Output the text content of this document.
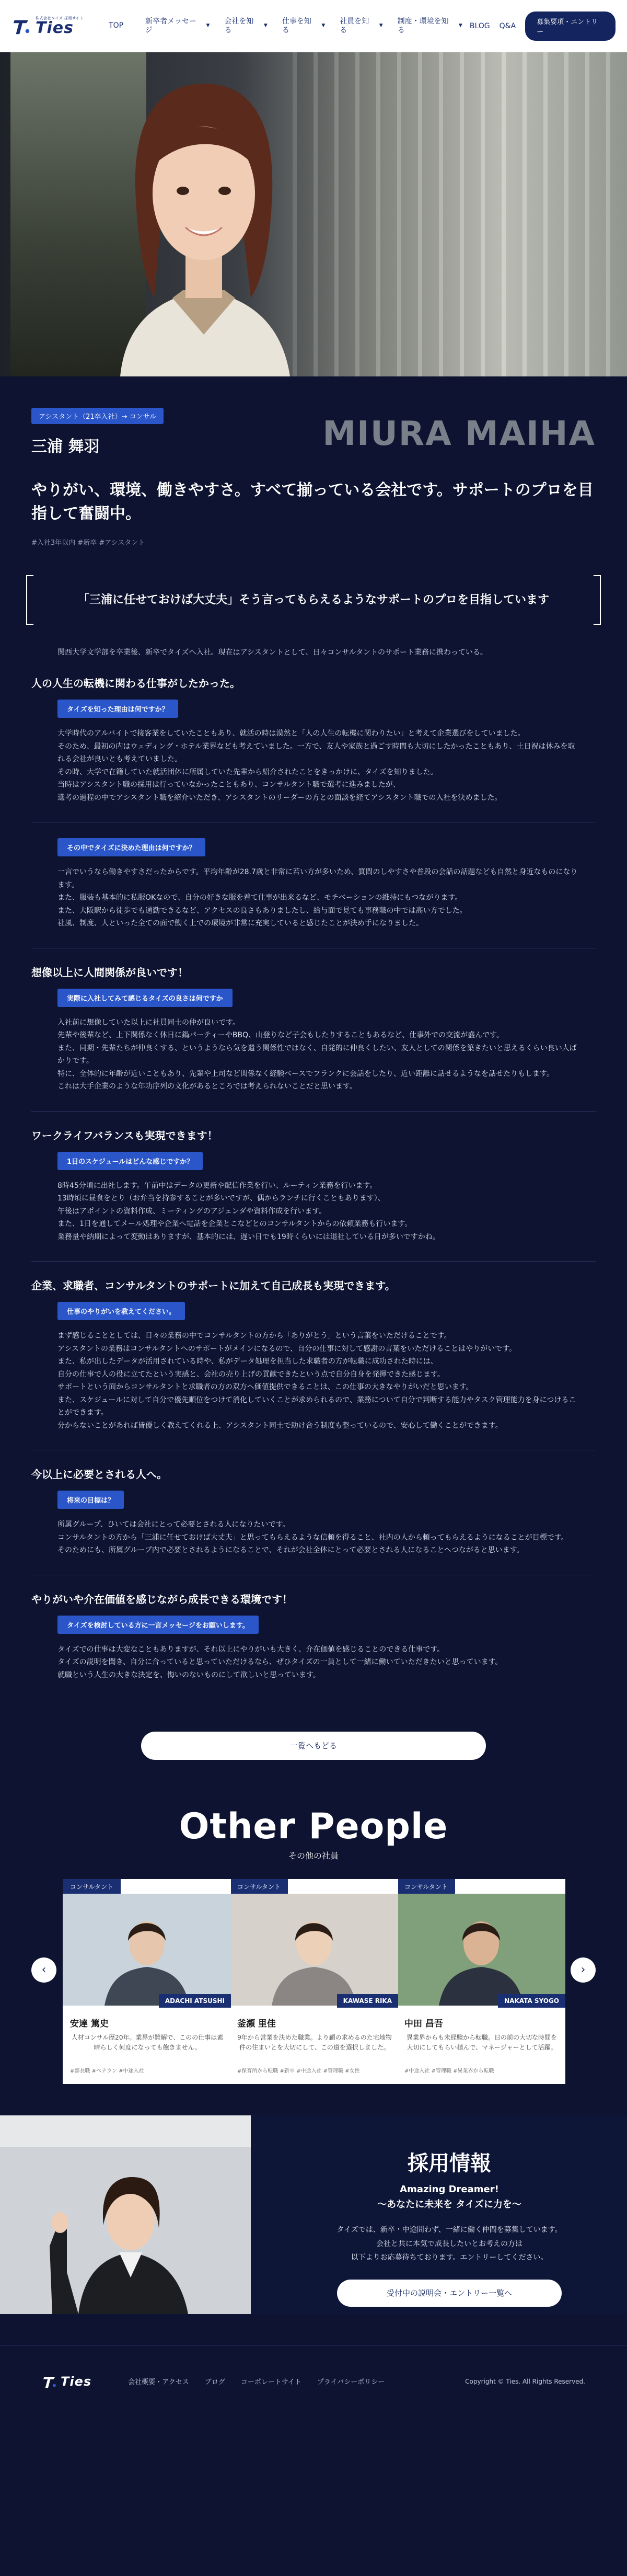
株式会社タイズ 採用サイト
Ties	TOP
新卒者メッセージ
▼
会社を知る
▼
仕事を知る
▼
社員を知る
▼
制度・環境を知る
▼ BLOG Q&A	募集要項・エントリー
アシスタント（21卒入社）→ コンサル
三浦 舞羽	MIURA MAIHA
やりがい、環境、働きやすさ。すべて揃っている会社です。サポートのプロを目指して奮闘中。
#入社3年以内 #新卒 #アシスタント
「三浦に任せておけば大丈夫」そう言ってもらえるようなサポートのプロを目指しています

関西大学文学部を卒業後、新卒でタイズへ入社。現在はアシスタントとして、日々コンサルタントのサポート業務に携わっている。

人の人生の転機に関わる仕事がしたかった。
タイズを知った理由は何ですか？

大学時代のアルバイトで接客業をしていたこともあり、就活の時は漠然と「人の人生の転機に関わりたい」と考えて企業選びをしていました。

そのため、最初の内はウェディング・ホテル業界なども考えていました。一方で、友人や家族と過ごす時間も大切にしたかったこともあり、土日祝は休みを取れる会社が良いとも考えていました。

その時、大学で在籍していた就活団体に所属していた先輩から紹介されたことをきっかけに、タイズを知りました。

当時はアシスタント職の採用は行っていなかったこともあり、コンサルタント職で選考に進みましたが、

選考の過程の中でアシスタント職を紹介いただき、アシスタントのリーダーの方との面談を経てアシスタント職での入社を決めました。

その中でタイズに決めた理由は何ですか？

一言でいうなら働きやすさだったからです。平均年齢が28.7歳と非常に若い方が多いため、質問のしやすさや普段の会話の話題なども自然と身近なものになります。

また、服装も基本的に私服OKなので、自分の好きな服を着て仕事が出来るなど、モチベーションの維持にもつながります。

また、大阪駅から徒歩でも通勤できるなど、アクセスの良さもありましたし、給与面で見ても事務職の中では高い方でした。

社風、制度、人といった全ての面で働く上での環境が非常に充実していると感じたことが決め手になりました。

想像以上に人間関係が良いです！
実際に入社してみて感じるタイズの良さは何ですか

入社前に想像していた以上に社員同士の仲が良いです。

先輩や後輩など、上下関係なく休日に鍋パーティーやBBQ、山登りなど子会もしたりすることもあるなど、仕事外での交流が盛んです。

また、同期・先輩たちが仲良くする、というようなら気を遣う関係性ではなく、自発的に仲良くしたい、友人としての関係を築きたいと思えるくらい良い人ばかりです。

特に、全体的に年齢が近いこともあり、先輩や上司など関係なく経験ベースでフランクに会話をしたり、近い距離に話せるようなを話せたりもします。

これは大手企業のような年功序列の文化があるところでは考えられないことだと思います。

ワークライフバランスも実現できます！
1日のスケジュールはどんな感じですか？

8時45分頃に出社します。午前中はデータの更新や配信作業を行い、ルーティン業務を行います。

13時頃に昼食をとり（お弁当を持参することが多いですが、偶からランチに行くこともあります）、

午後はアポイントの資料作成、ミーティングのアジェンダや資料作成を行います。

また、1日を通してメール処理や企業へ電話を企業とこなどとのコンサルタントからの依頼業務も行います。

業務量や納期によって変動はありますが、基本的には、遅い日でも19時くらいには退社している日が多いですかね。

企業、求職者、コンサルタントのサポートに加えて自己成長も実現できます。
仕事のやりがいを教えてください。

まず感じることとしては、日々の業務の中でコンサルタントの方から「ありがとう」という言葉をいただけることです。

アシスタントの業務はコンサルタントへのサポートがメインになるので、自分の仕事に対して感謝の言葉をいただけることはやりがいです。

また、私が出したデータが活用されている時や、私がデータ処理を担当した求職者の方が転職に成功された時には、

自分の仕事で人の役に立てたという実感と、会社の売り上げの貢献できたという点で自分自身を発揮できた感じます。

サポートという面からコンサルタントと求職者の方の双方へ価値提供できることは、この仕事の大きなやりがいだと思います。

また、スケジュールに対して自分で優先順位をつけて消化していくことが求められるので、業務について自分で判断する能力やタスク管理能力を身につけることができます。

分からないことがあれば皆優しく教えてくれる上、アシスタント同士で助け合う制度も整っているので、安心して働くことができます。

今以上に必要とされる人へ。
将来の目標は？

所属グループ、ひいては会社にとって必要とされる人になりたいです。

コンサルタントの方から「三浦に任せておけば大丈夫」と思ってもらえるような信頼を得ること、社内の人から頼ってもらえるようになることが目標です。

そのためにも、所属グループ内で必要とされるようになることで、それが会社全体にとって必要とされる人になることへつながると思います。

やりがいや介在価値を感じながら成長できる環境です！
タイズを検討している方に一言メッセージをお願いします。

タイズでの仕事は大変なこともありますが、それ以上にやりがいも大きく、介在価値を感じることのできる仕事です。

タイズの説明を聞き、自分に合っていると思っていただけるなら、ぜひタイズの一員として一緒に働いていただきたいと思っています。

就職という人生の大きな決定を、悔いのないものにして欲しいと思っています。

一覧へもどる
Other People
その他の社員
コンサルタント
NAKATA SYOGO
中田 昌吾
異業界からも未経験から転職。日の前の大切な時間を大切にしてもらい積んで、マネージャーとして活躍。
#中途入社 #管理職 #異業界から転職
コンサルタント
KAWASE RIKA
釜瀬 里佳
9年から営業を決めた職業。より顧の求めるのた宅地物件の住まいとを大切にして、この道を選択しました。
#保育所から転職 #新卒 #中途入社 #管理職 #女性
コンサルタント
ADACHI ATSUSHI
安達 篤史
人材コンサル歴20年。業界が難解で、このの仕事は素晴らしく何度になっても飽きません。
#部長職 #ベテラン #中途入社
‹	›
採用情報
Amazing Dreamer!
〜あなたに未来を タイズに力を〜

タイズでは、新卒・中途問わず、一緒に働く仲間を募集しています。

会社と共に本気で成長したいとお考えの方は

以下よりお応募待ちております。エントリーしてください。

受付中の説明会・エントリー一覧へ
Ties	会社概要・アクセス ブログ コーポレートサイト プライバシーポリシー	Copyright © Ties. All Rights Reserved.
